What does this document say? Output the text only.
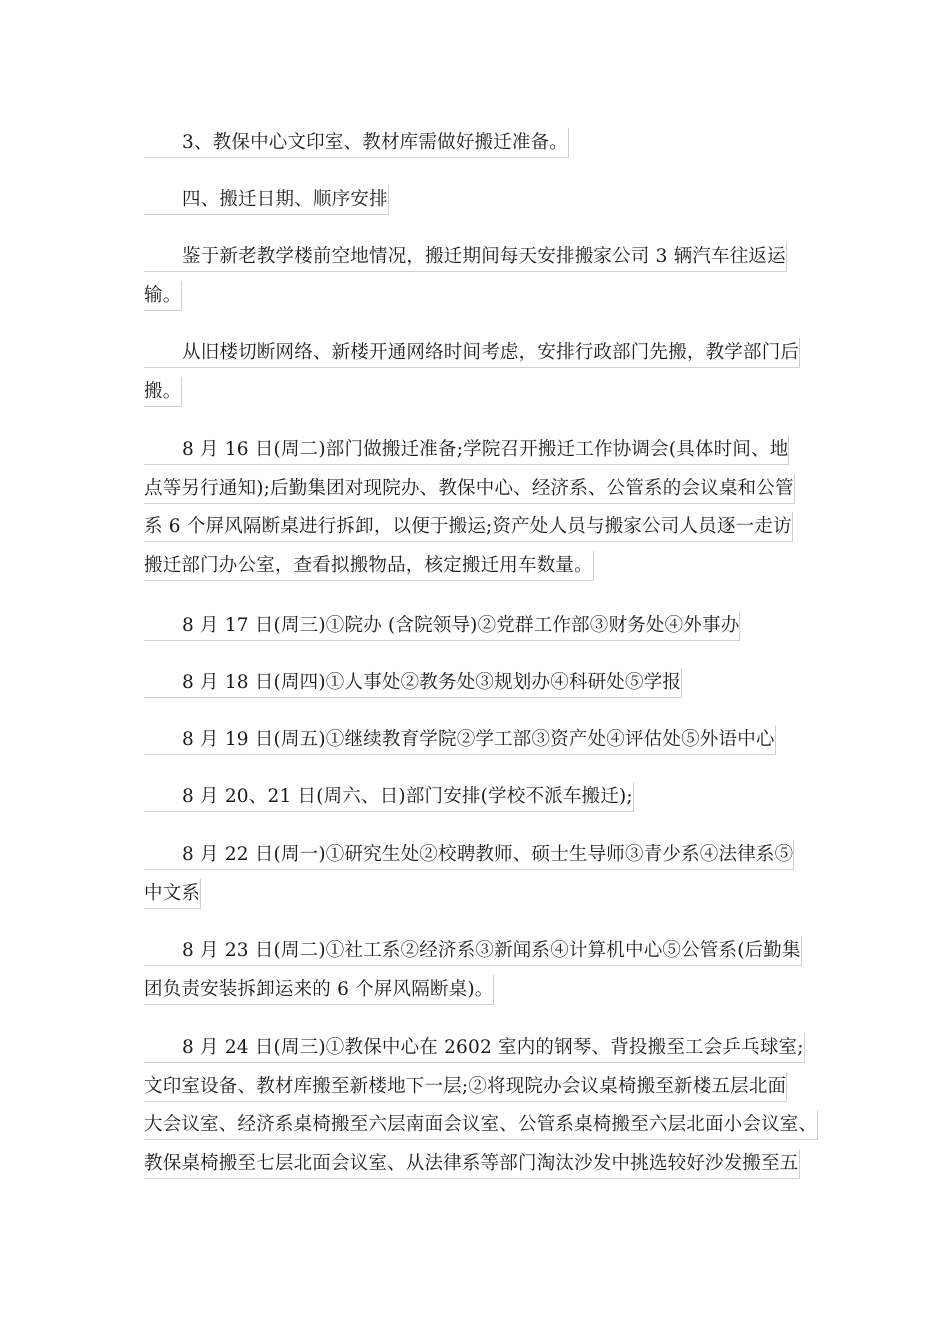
3、教保中心文印室、教材库需做好搬迁准备。
四、搬迁日期、顺序安排
鉴于新老教学楼前空地情况，搬迁期间每天安排搬家公司 3 辆汽车往返运
输。
从旧楼切断网络、新楼开通网络时间考虑，安排行政部门先搬，教学部门后
搬。
8 月 16 日(周二)部门做搬迁准备;学院召开搬迁工作协调会(具体时间、地
点等另行通知);后勤集团对现院办、教保中心、经济系、公管系的会议桌和公管
系 6 个屏风隔断桌进行拆卸，以便于搬运;资产处人员与搬家公司人员逐一走访
搬迁部门办公室，查看拟搬物品，核定搬迁用车数量。
8 月 17 日(周三)①院办 (含院领导)②党群工作部③财务处④外事办
8 月 18 日(周四)①人事处②教务处③规划办④科研处⑤学报
8 月 19 日(周五)①继续教育学院②学工部③资产处④评估处⑤外语中心
8 月 20、21 日(周六、日)部门安排(学校不派车搬迁);
8 月 22 日(周一)①研究生处②校聘教师、硕士生导师③青少系④法律系⑤
中文系
8 月 23 日(周二)①社工系②经济系③新闻系④计算机中心⑤公管系(后勤集
团负责安装拆卸运来的 6 个屏风隔断桌)。
8 月 24 日(周三)①教保中心在 2602 室内的钢琴、背投搬至工会乒乓球室;
文印室设备、教材库搬至新楼地下一层;②将现院办会议桌椅搬至新楼五层北面
大会议室、经济系桌椅搬至六层南面会议室、公管系桌椅搬至六层北面小会议室、
教保桌椅搬至七层北面会议室、从法律系等部门淘汰沙发中挑选较好沙发搬至五
